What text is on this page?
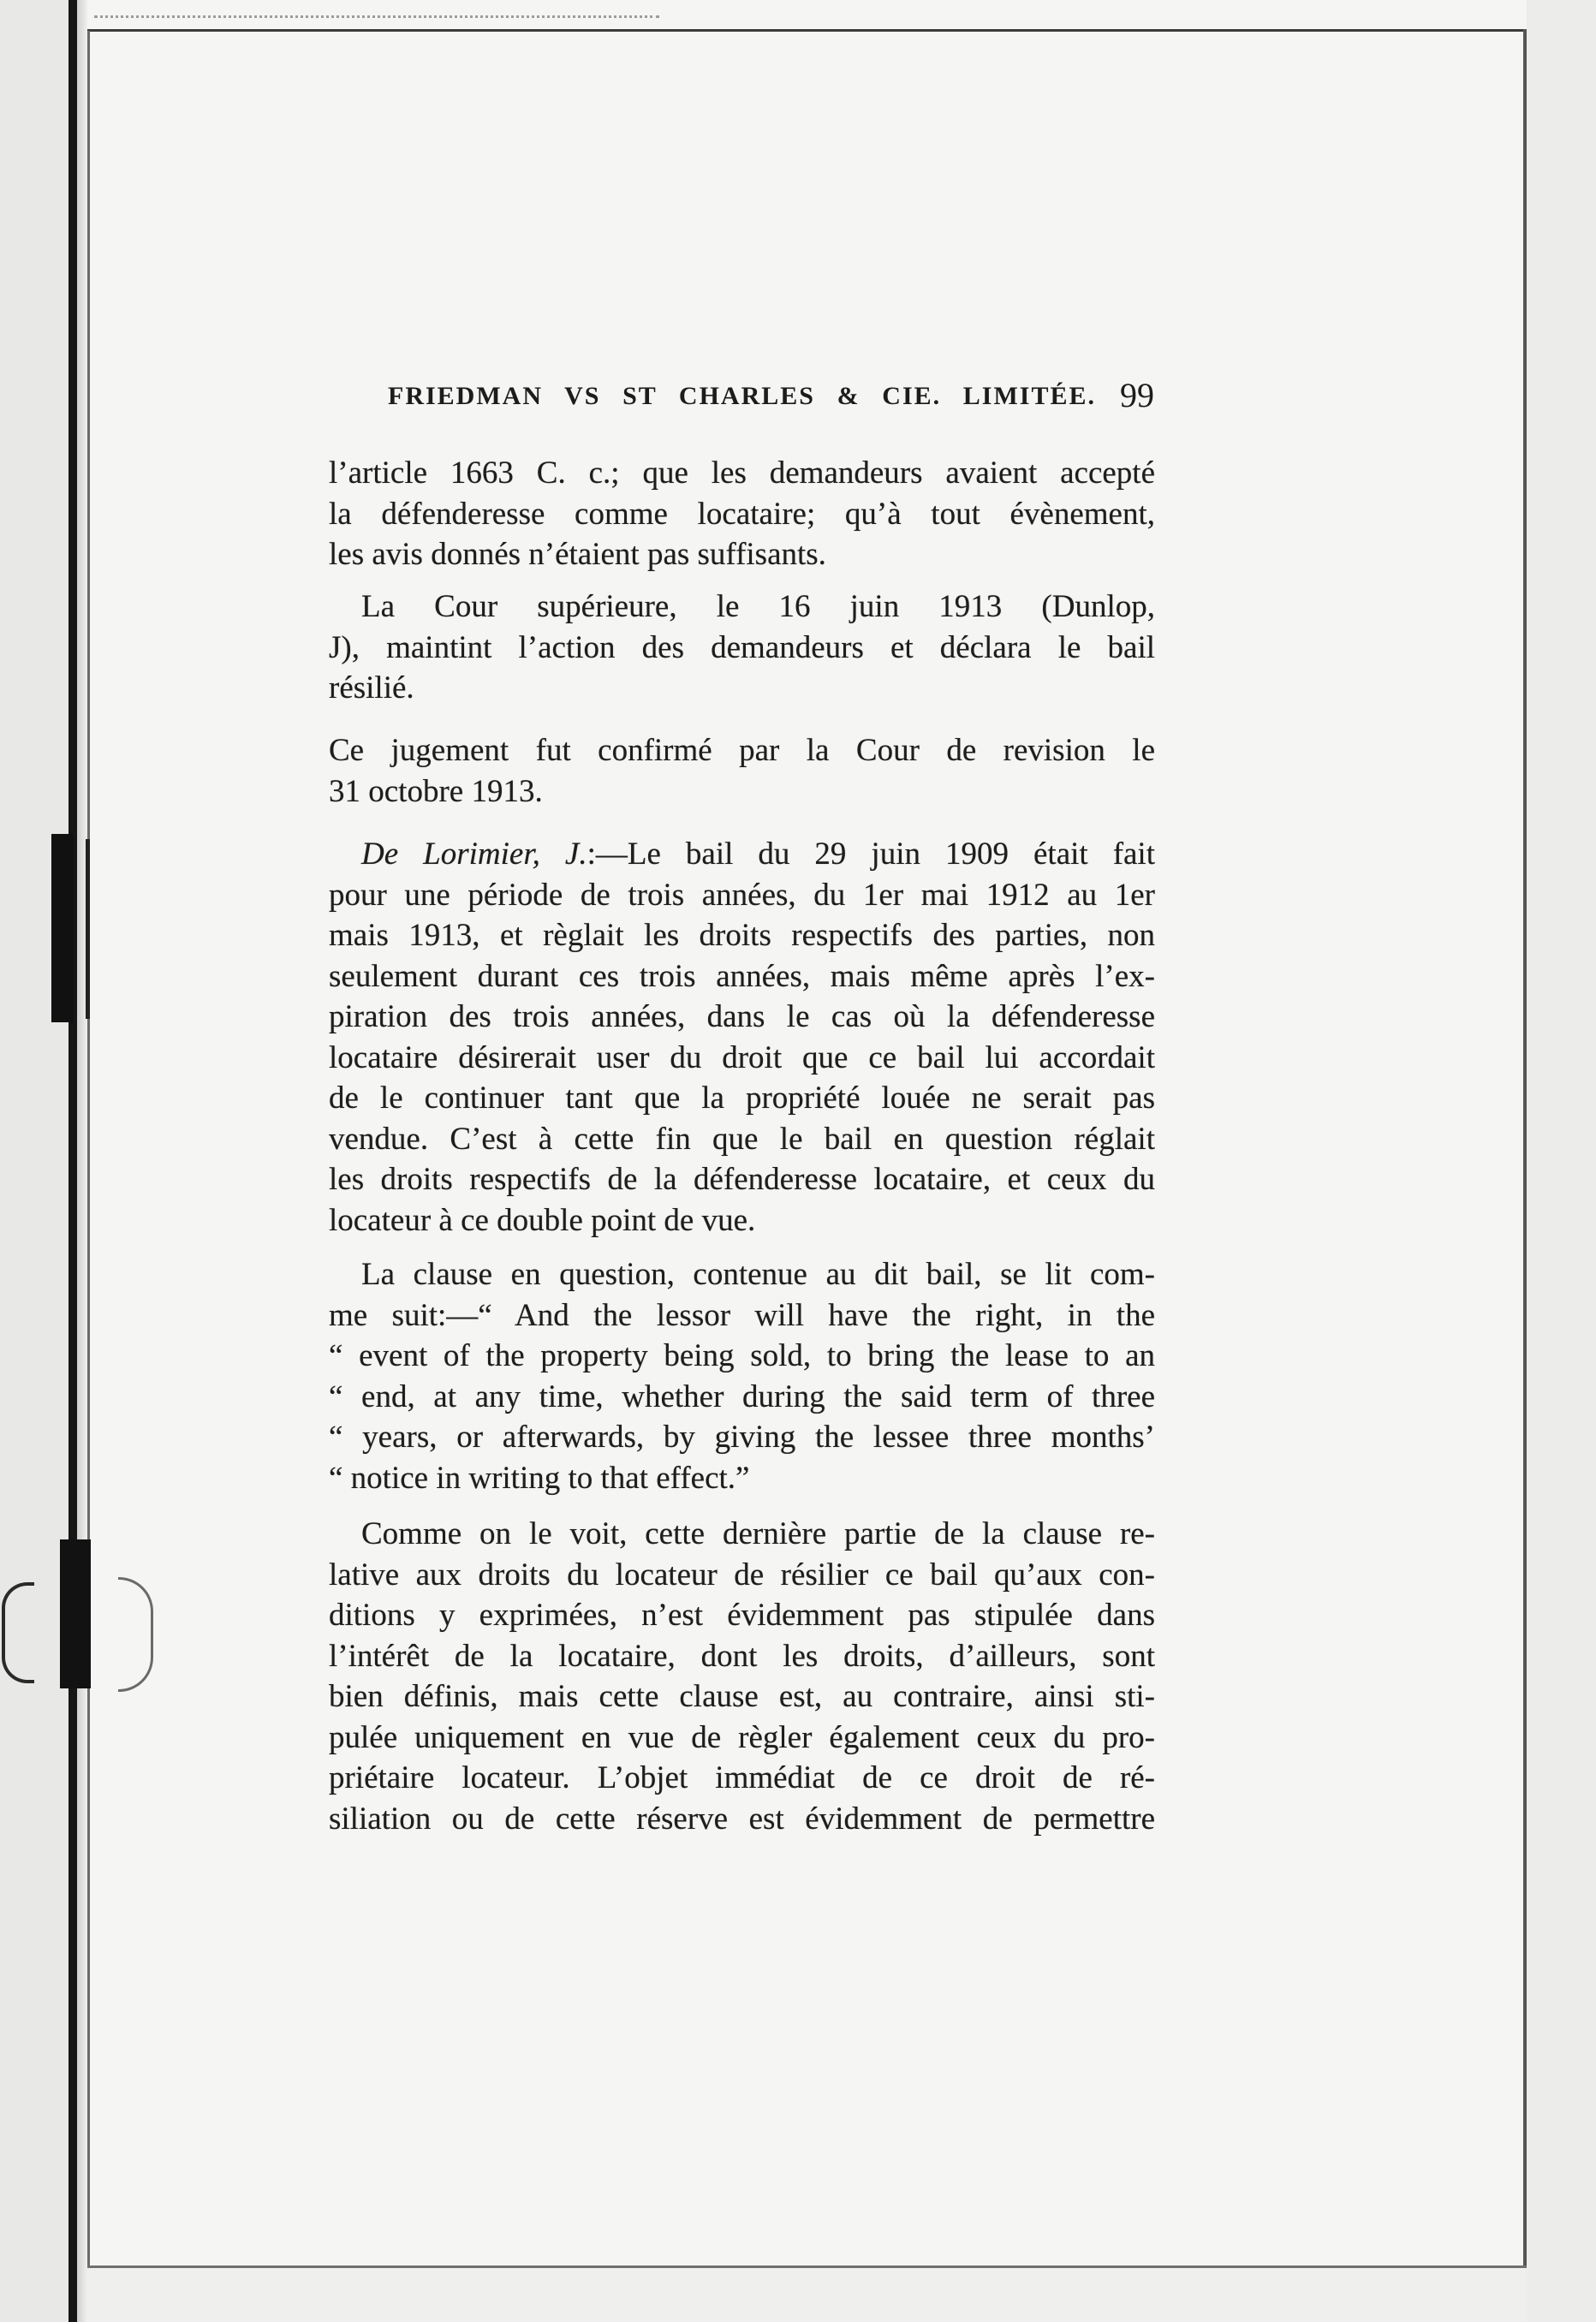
FRIEDMAN VS ST CHARLES & CIE. LIMITÉE. 99
l’article 1663 C. c.; que les demandeurs avaient accepté
la défenderesse comme locataire; qu’à tout évènement,
les avis donnés n’étaient pas suffisants.
La Cour supérieure, le 16 juin 1913 (Dunlop,
J), maintint l’action des demandeurs et déclara le bail
résilié.
Ce jugement fut confirmé par la Cour de revision le
31 octobre 1913.
De Lorimier, J.:—Le bail du 29 juin 1909 était fait
pour une période de trois années, du 1er mai 1912 au 1er
mais 1913, et règlait les droits respectifs des parties, non
seulement durant ces trois années, mais même après l’ex-
piration des trois années, dans le cas où la défenderesse
locataire désirerait user du droit que ce bail lui accordait
de le continuer tant que la propriété louée ne serait pas
vendue. C’est à cette fin que le bail en question réglait
les droits respectifs de la défenderesse locataire, et ceux du
locateur à ce double point de vue.
La clause en question, contenue au dit bail, se lit com-
me suit:—“ And the lessor will have the right, in the
“ event of the property being sold, to bring the lease to an
“ end, at any time, whether during the said term of three
“ years, or afterwards, by giving the lessee three months’
“ notice in writing to that effect.”
Comme on le voit, cette dernière partie de la clause re-
lative aux droits du locateur de résilier ce bail qu’aux con-
ditions y exprimées, n’est évidemment pas stipulée dans
l’intérêt de la locataire, dont les droits, d’ailleurs, sont
bien définis, mais cette clause est, au contraire, ainsi sti-
pulée uniquement en vue de règler également ceux du pro-
priétaire locateur. L’objet immédiat de ce droit de ré-
siliation ou de cette réserve est évidemment de permettre
